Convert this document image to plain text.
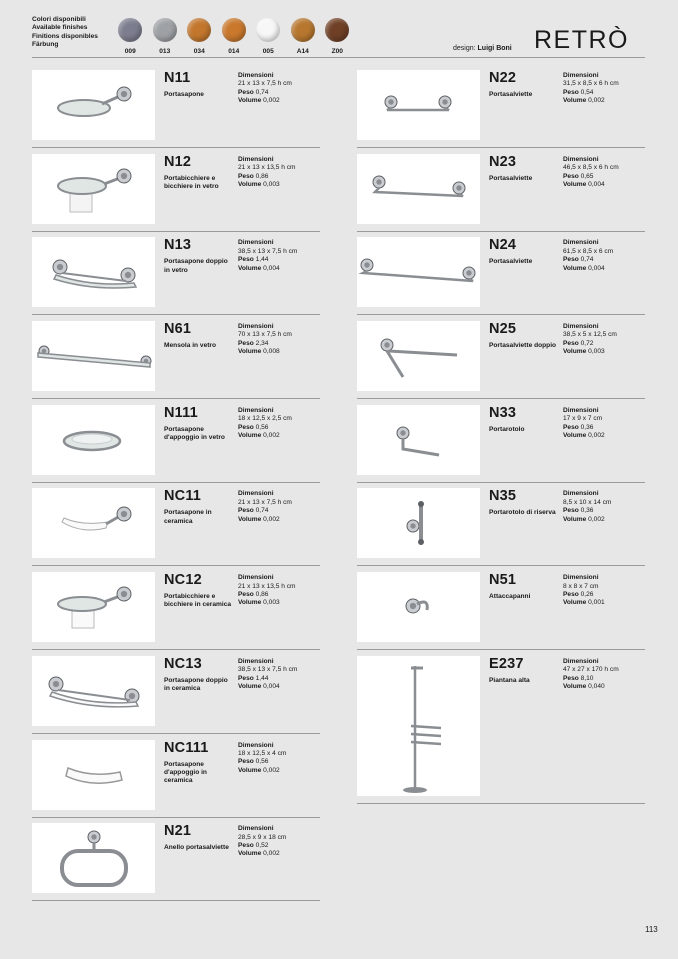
Colori disponibili
Available finishes
Finitions disponibles
Färbung
009	013	034	014	005	A14	Z00	design: Luigi Boni RETRÒ
N11
Portasapone
Dimensioni
21 x 13 x 7,5 h cm
Peso 0,74
Volume 0,002
N12
Portabicchiere e bicchiere in vetro
Dimensioni
21 x 13 x 13,5 h cm
Peso 0,86
Volume 0,003
N13
Portasapone doppio in vetro
Dimensioni
38,5 x 13 x 7,5 h cm
Peso 1,44
Volume 0,004
N61
Mensola in vetro
Dimensioni
70 x 13 x 7,5 h cm
Peso 2,34
Volume 0,008
N111
Portasapone d'appoggio in vetro
Dimensioni
18 x 12,5 x 2,5 cm
Peso 0,56
Volume 0,002
NC11
Portasapone in ceramica
Dimensioni
21 x 13 x 7,5 h cm
Peso 0,74
Volume 0,002
NC12
Portabicchiere e bicchiere in ceramica
Dimensioni
21 x 13 x 13,5 h cm
Peso 0,86
Volume 0,003
NC13
Portasapone doppio in ceramica
Dimensioni
38,5 x 13 x 7,5 h cm
Peso 1,44
Volume 0,004
NC111
Portasapone d'appoggio in ceramica
Dimensioni
18 x 12,5 x 4 cm
Peso 0,56
Volume 0,002
N21
Anello portasalviette
Dimensioni
28,5 x 9 x 18 cm
Peso 0,52
Volume 0,002
N22
Portasalviette
Dimensioni
31,5 x 8,5 x 6 h cm
Peso 0,54
Volume 0,002
N23
Portasalviette
Dimensioni
46,5 x 8,5 x 6 h cm
Peso 0,65
Volume 0,004
N24
Portasalviette
Dimensioni
61,5 x 8,5 x 6 cm
Peso 0,74
Volume 0,004
N25
Portasalviette doppio
Dimensioni
38,5 x 5 x 12,5 cm
Peso 0,72
Volume 0,003
N33
Portarotolo
Dimensioni
17 x 9 x 7 cm
Peso 0,36
Volume 0,002
N35
Portarotolo di riserva
Dimensioni
8,5 x 10 x 14 cm
Peso 0,36
Volume 0,002
N51
Attaccapanni
Dimensioni
8 x 8 x 7 cm
Peso 0,26
Volume 0,001
E237
Piantana alta
Dimensioni
47 x 27 x 170 h cm
Peso 8,10
Volume 0,040
113
